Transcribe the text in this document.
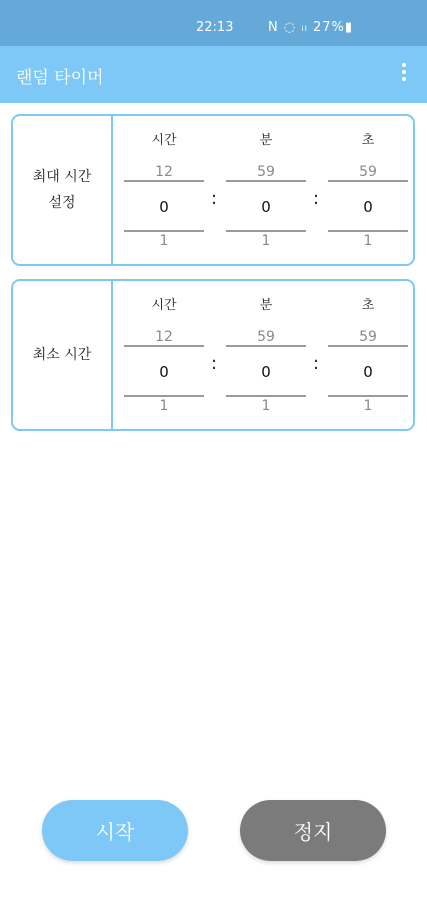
22:13	N ◌ ᵢₗ 27%▮
랜덤 타이머
최대 시간
설정
시간
12
0
1
:
분
59
0
1
:
초
59
0
1
최소 시간
시간
12
0
1
:
분
59
0
1
:
초
59
0
1
시작	정지
